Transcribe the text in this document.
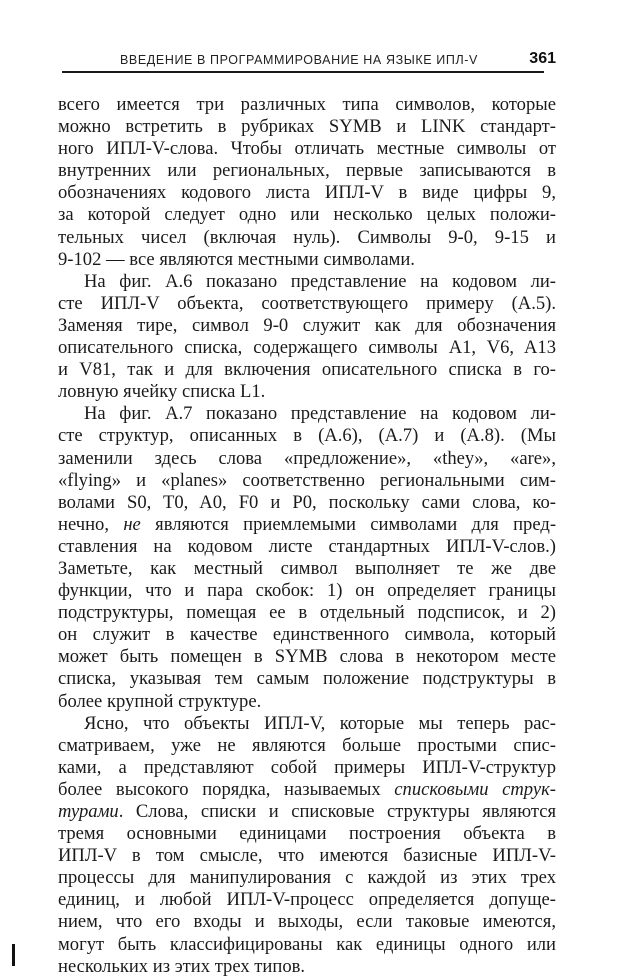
ВВЕДЕНИЕ В ПРОГРАММИРОВАНИЕ НА ЯЗЫКЕ ИПЛ-V	361

всего имеется три различных типа символов, которые
можно встретить в рубриках SYMB и LINK стандарт-
ного ИПЛ-V-слова. Чтобы отличать местные символы от
внутренних или региональных, первые записываются в
обозначениях кодового листа ИПЛ-V в виде цифры 9,
за которой следует одно или несколько целых положи-
тельных чисел (включая нуль). Символы 9-0, 9-15 и
9-102 — все являются местными символами.

На фиг. A.6 показано представление на кодовом ли-
сте ИПЛ-V объекта, соответствующего примеру (A.5).
Заменяя тире, символ 9-0 служит как для обозначения
описательного списка, содержащего символы A1, V6, A13
и V81, так и для включения описательного списка в го-
ловную ячейку списка L1.

На фиг. A.7 показано представление на кодовом ли-
сте структур, описанных в (A.6), (A.7) и (A.8). (Мы
заменили здесь слова «предложение», «they», «are»,
«flying» и «planes» соответственно региональными сим-
волами S0, T0, A0, F0 и P0, поскольку сами слова, ко-
нечно, не являются приемлемыми символами для пред-
ставления на кодовом листе стандартных ИПЛ-V-слов.)
Заметьте, как местный символ выполняет те же две
функции, что и пара скобок: 1) он определяет границы
подструктуры, помещая ее в отдельный подсписок, и 2)
он служит в качестве единственного символа, который
может быть помещен в SYMB слова в некотором месте
списка, указывая тем самым положение подструктуры в
более крупной структуре.

Ясно, что объекты ИПЛ-V, которые мы теперь рас-
сматриваем, уже не являются больше простыми спис-
ками, а представляют собой примеры ИПЛ-V-структур
более высокого порядка, называемых списковыми струк-
турами. Слова, списки и списковые структуры являются
тремя основными единицами построения объекта в
ИПЛ-V в том смысле, что имеются базисные ИПЛ-V-
процессы для манипулирования с каждой из этих трех
единиц, и любой ИПЛ-V-процесс определяется допуще-
нием, что его входы и выходы, если таковые имеются,
могут быть классифицированы как единицы одного или
нескольких из этих трех типов.
